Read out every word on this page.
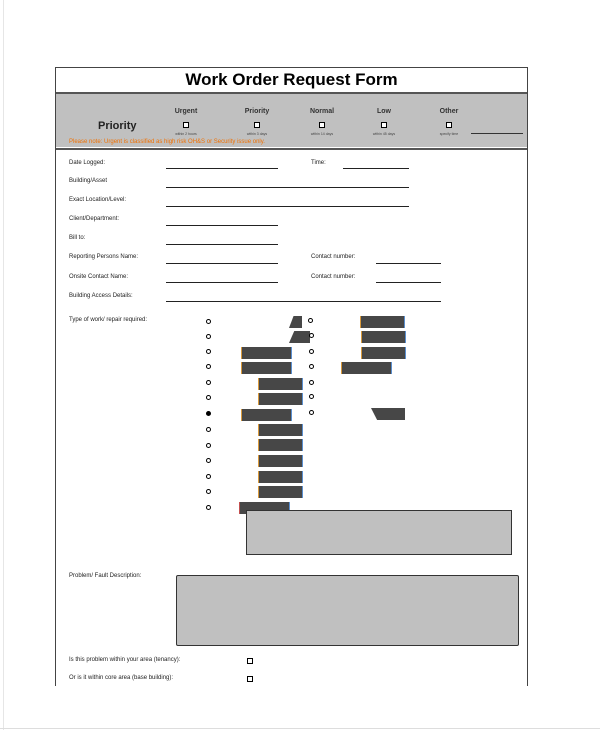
Work Order Request Form
Priority
Urgent
within 2 hours
Priority
within 3 days
Normal
within 14 days
Low
within 45 days
Other
specify time
Please note: Urgent is classified as high risk OH&S or Security issue only.
Date Logged:	Time:
Building/Asset
Exact Location/Level:
Client/Department:
Bill to:
Reporting Persons Name:	Contact number:
Onsite Contact Name:	Contact number:
Building Access Details:
Type of work/ repair required:
Problem/ Fault Description:
Is this problem within your area (tenancy):
Or is it within core area (base building):
